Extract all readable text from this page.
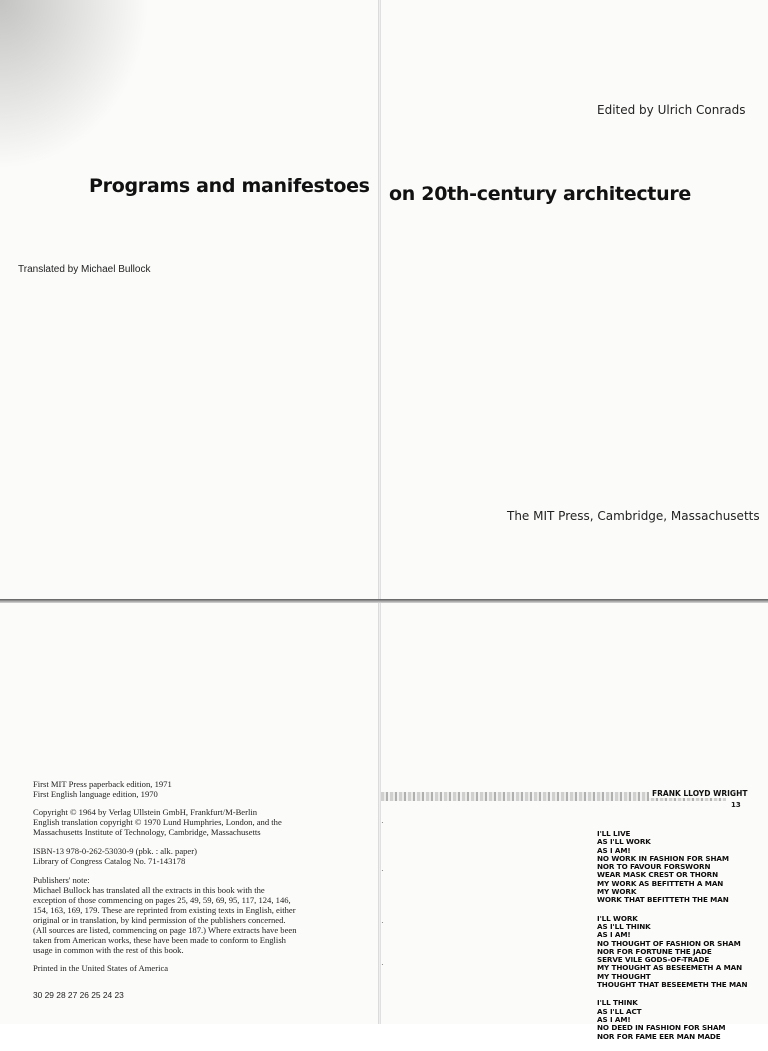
Programs and manifestoes
Translated by Michael Bullock
Edited by Ulrich Conrads
on 20th-century architecture
The MIT Press, Cambridge, Massachusetts
·
·
·
·
First MIT Press paperback edition, 1971
First English language edition, 1970
Copyright © 1964 by Verlag Ullstein GmbH, Frankfurt/M-Berlin
English translation copyright © 1970 Lund Humphries, London, and the
Massachusetts Institute of Technology, Cambridge, Massachusetts
ISBN-13 978-0-262-53030-9 (pbk. : alk. paper)
Library of Congress Catalog No. 71-143178
Publishers' note:
Michael Bullock has translated all the extracts in this book with the
exception of those commencing on pages 25, 49, 59, 69, 95, 117, 124, 146,
154, 163, 169, 179. These are reprinted from existing texts in English, either
original or in translation, by kind permission of the publishers concerned.
(All sources are listed, commencing on page 187.) Where extracts have been
taken from American works, these have been made to conform to English
usage in common with the rest of this book.
Printed in the United States of America
30 29 28 27 26 25 24 23
FRANK LLOYD WRIGHT
13
I'LL LIVE
AS I'LL WORK
AS I AM!
NO WORK IN FASHION FOR SHAM
NOR TO FAVOUR FORSWORN
WEAR MASK CREST OR THORN
MY WORK AS BEFITTETH A MAN
MY WORK
WORK THAT BEFITTETH THE MAN
I'LL WORK
AS I'LL THINK
AS I AM!
NO THOUGHT OF FASHION OR SHAM
NOR FOR FORTUNE THE JADE
SERVE VILE GODS-OF-TRADE
MY THOUGHT AS BESEEMETH A MAN
MY THOUGHT
THOUGHT THAT BESEEMETH THE MAN
I'LL THINK
AS I'LL ACT
AS I AM!
NO DEED IN FASHION FOR SHAM
NOR FOR FAME EER MAN MADE
